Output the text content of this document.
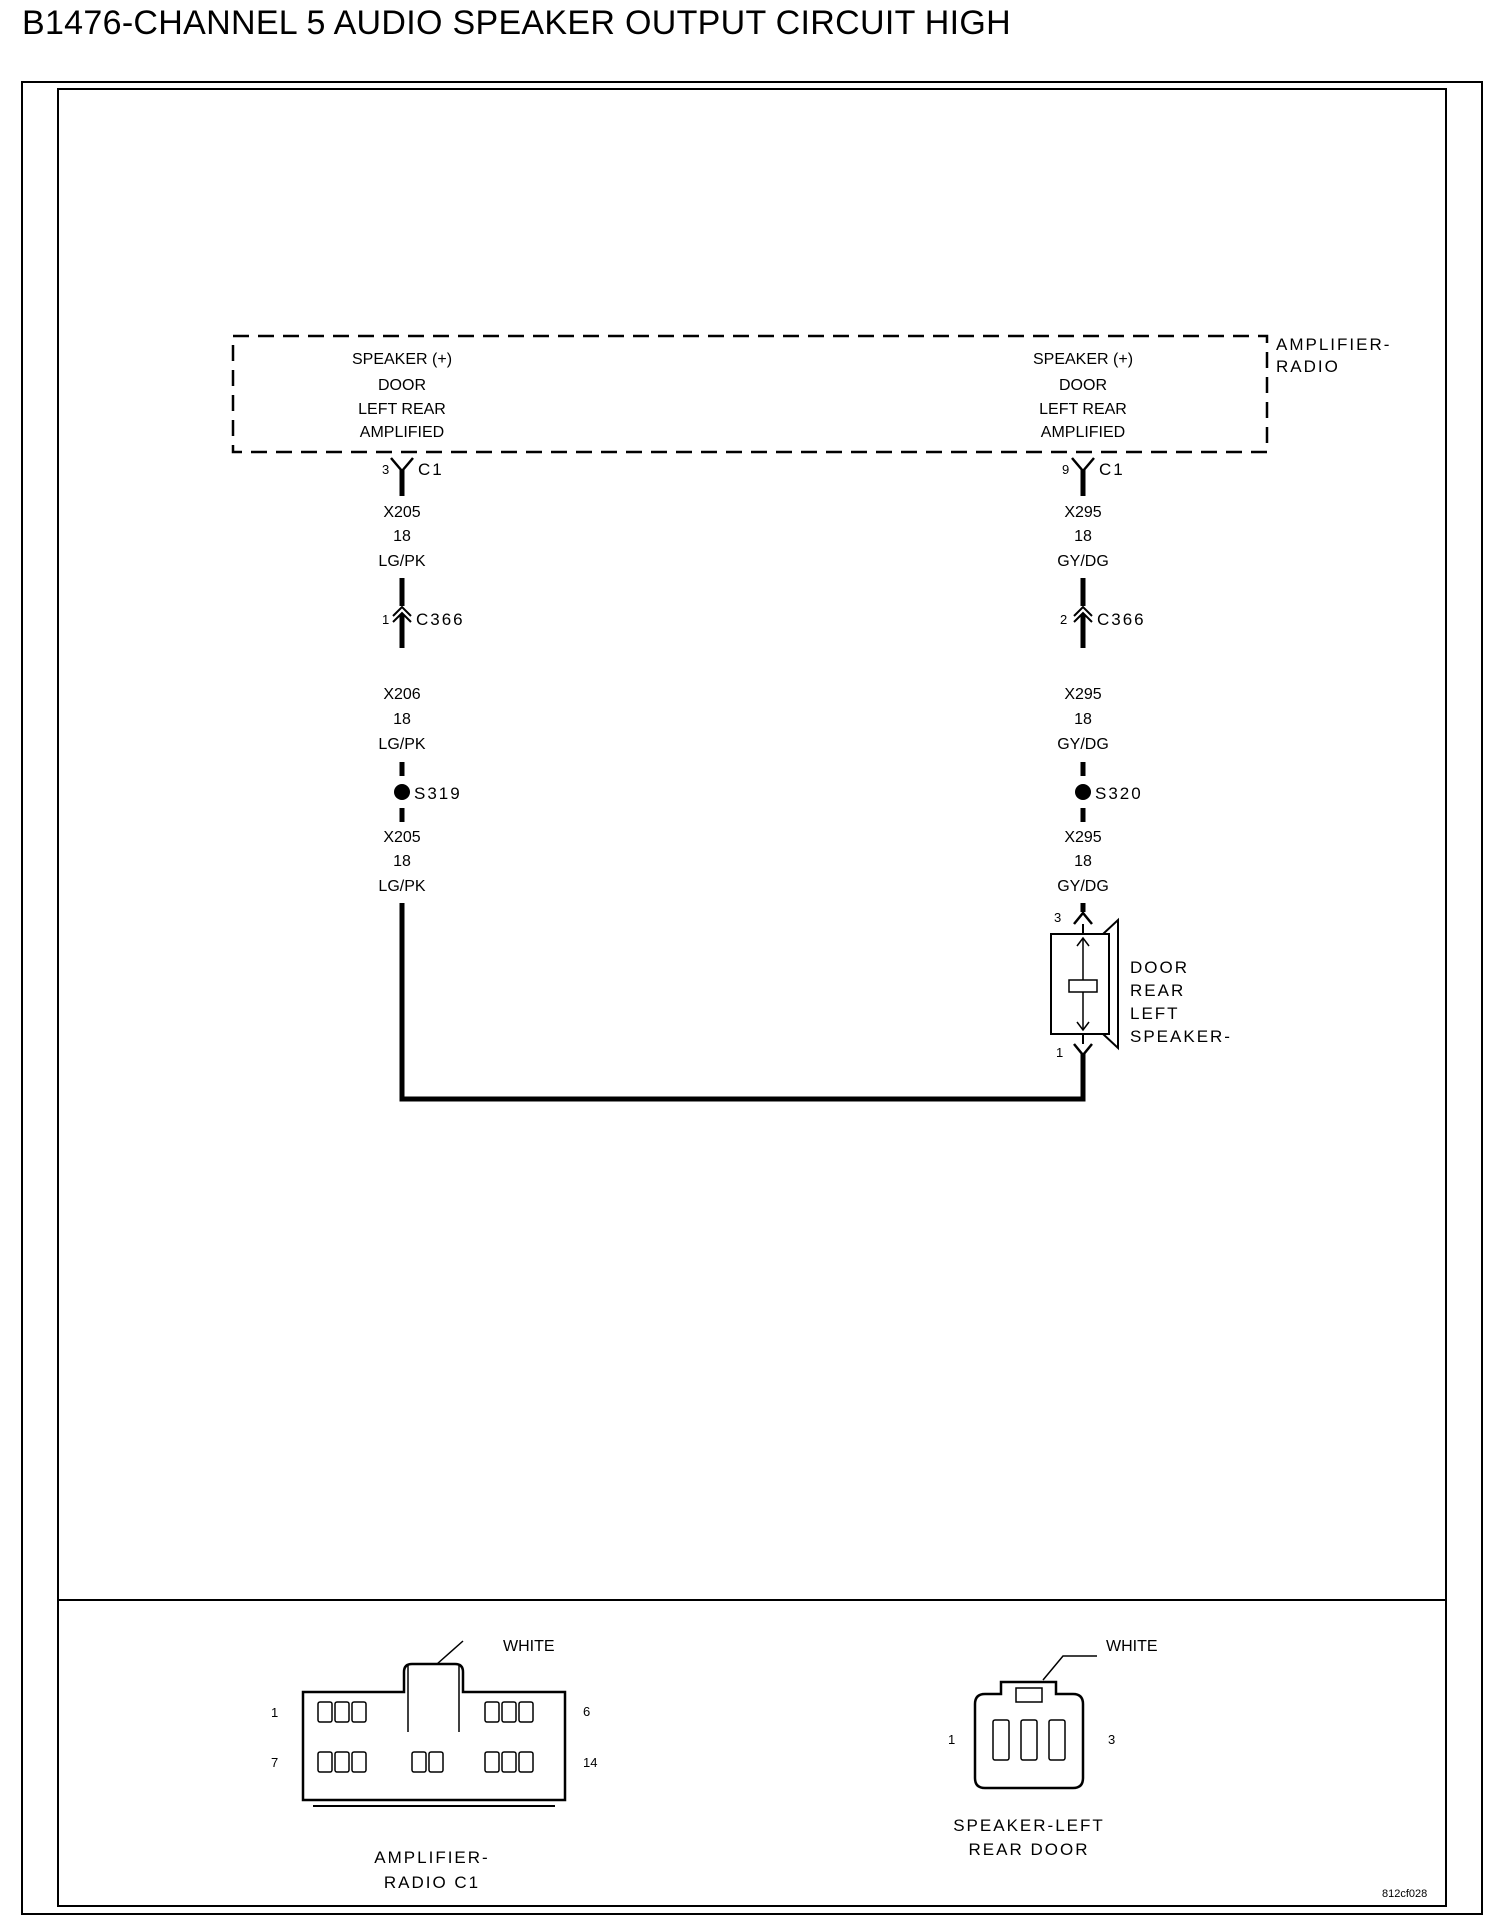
B1476-CHANNEL 5 AUDIO SPEAKER OUTPUT CIRCUIT HIGH
AMPLIFIER-
RADIO
SPEAKER (+)
DOOR
LEFT REAR
AMPLIFIED
SPEAKER (+)
DOOR
LEFT REAR
AMPLIFIED
3 C1
X205
18
LG/PK
1 C366
X206
18
LG/PK
S319
X205
18
LG/PK
9 C1
X295
18
GY/DG
2 C366
X295
18
GY/DG
S320
X295
18
GY/DG
3
1
DOOR
REAR
LEFT
SPEAKER-
WHITE
1	6
7	14
AMPLIFIER-
RADIO C1
WHITE
1	3
SPEAKER-LEFT
REAR DOOR
812cf028
